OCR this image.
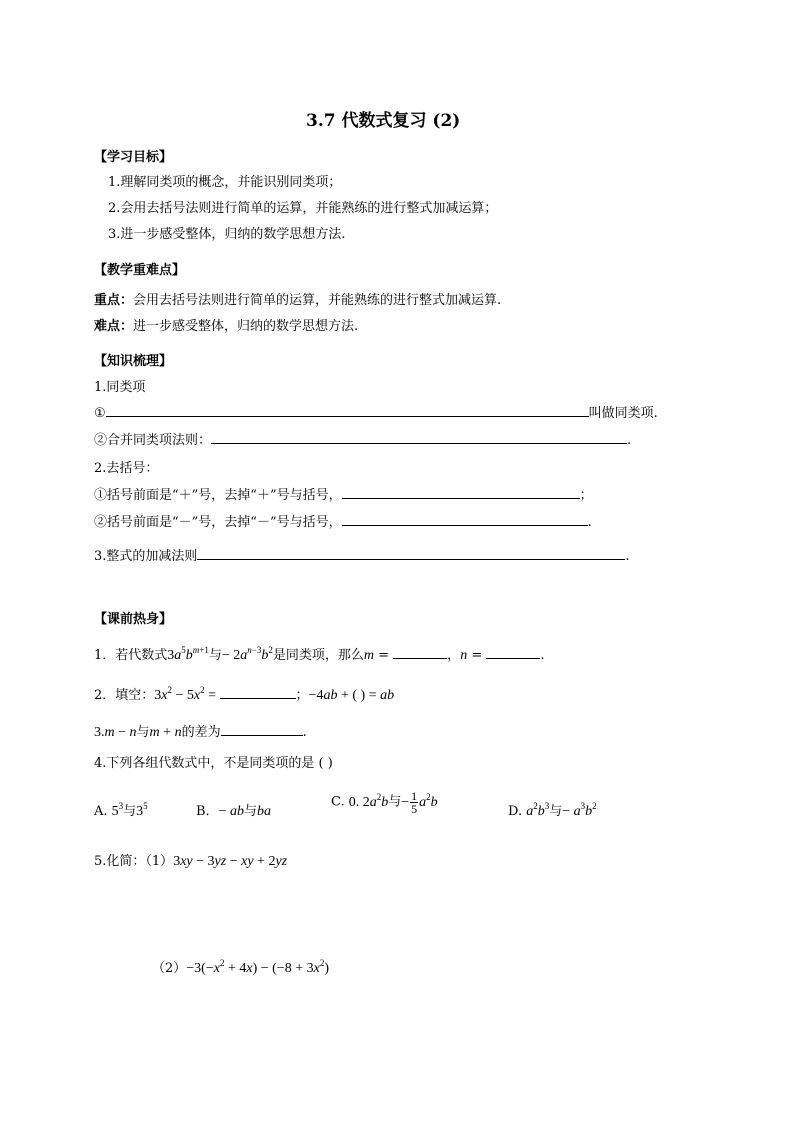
3.7 代数式复习 (2)
【学习目标】
1.理解同类项的概念，并能识别同类项；
2.会用去括号法则进行简单的运算，并能熟练的进行整式加减运算；
3.进一步感受整体，归纳的数学思想方法.
【教学重难点】
重点：会用去括号法则进行简单的运算，并能熟练的进行整式加减运算.
难点：进一步感受整体，归纳的数学思想方法.
【知识梳理】
1.同类项
①	叫做同类项.
②合并同类项法则：	.
2.去括号：
①括号前面是“＋”号，去掉“＋”号与括号，	；
②括号前面是“－”号，去掉“－”号与括号，	.
3.整式的加减法则	.
【课前热身】
1．若代数式$3a^5b^{m+1}$与− $2a^{n-3}b^2$是同类项，那么m =	，n =	.
2．填空：$3x^2 - 5x^2$ =	；−4ab + ( ) = ab
3.m − n与m + n的差为	.
4.下列各组代数式中，不是同类项的是 ( )
A. $5^3$与$3^5$	B．− ab与ba
C. 0. $2a^2b$与− $\frac{1}{5} a^2b$
D. $a^2b^3$与− $a^3b^2$
5.化简：（1）3xy − 3yz − xy + 2yz
$(2)-3(-x^2 + 4x) - (-8 + 3x^2)$
